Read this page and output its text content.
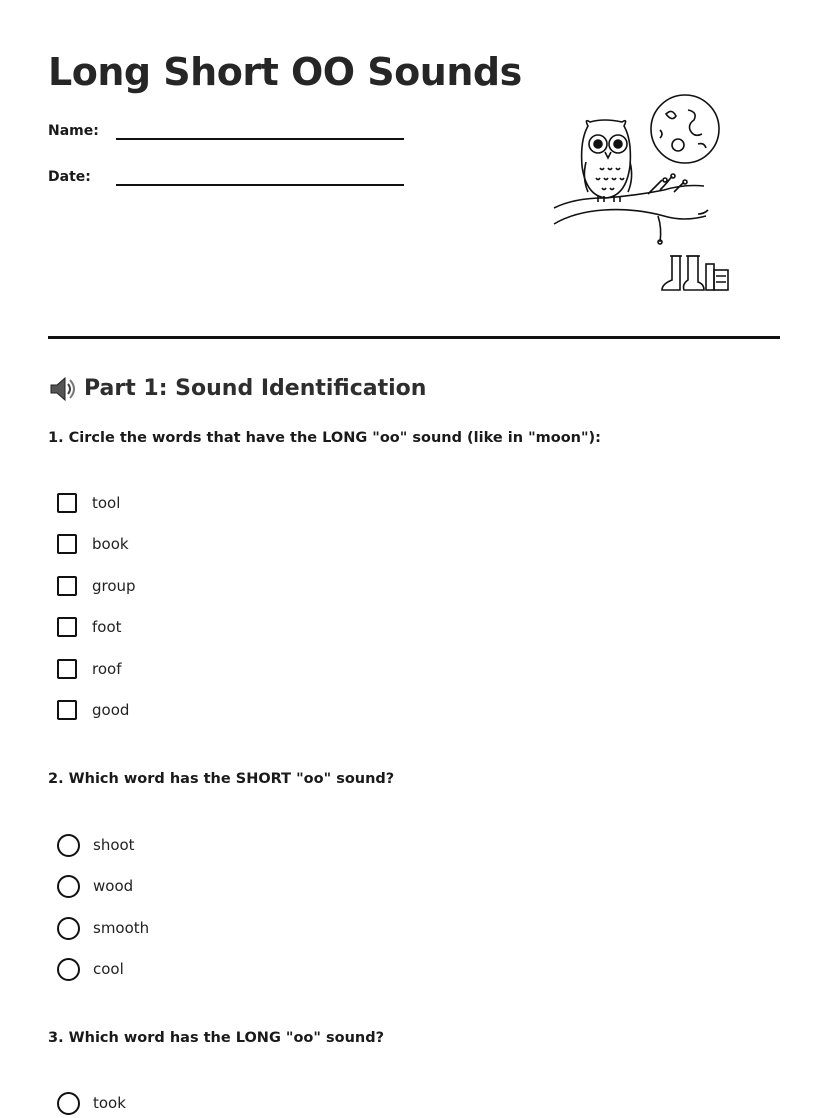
Long Short OO Sounds
Name:
Date:
Part 1: Sound Identification

1. Circle the words that have the LONG "oo" sound (like in "moon"):

tool
book
group
foot
roof
good

2. Which word has the SHORT "oo" sound?

shoot
wood
smooth
cool

3. Which word has the LONG "oo" sound?

took
